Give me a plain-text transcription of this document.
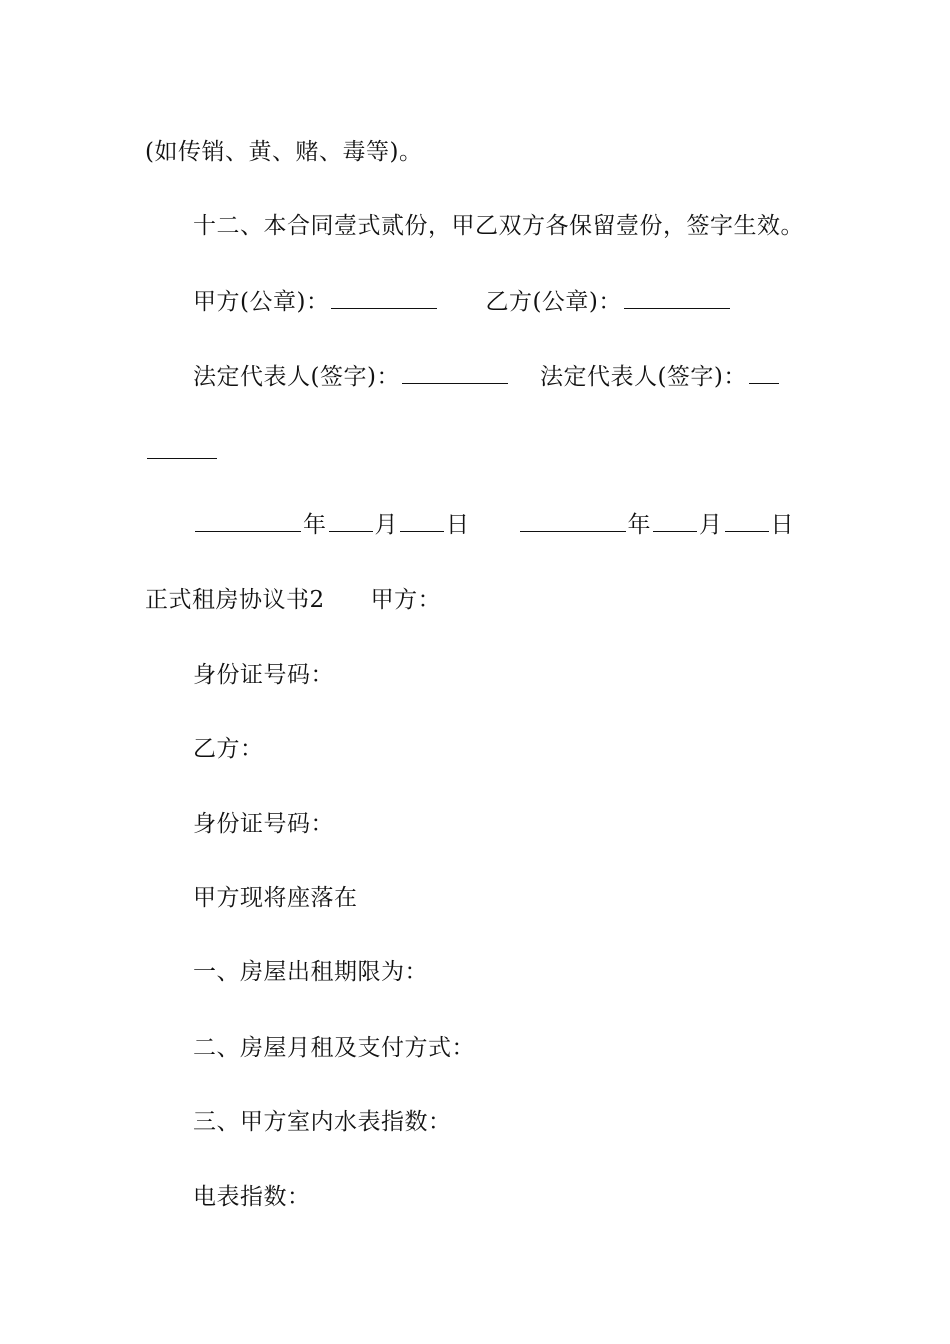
(如传销、黄、赌、毒等)。
十二、本合同壹式贰份，甲乙双方各保留壹份，签字生效。
甲方(公章)：	乙方(公章)：
法定代表人(签字)：	法定代表人(签字)：
年 月 日	年 月 日
正式租房协议书2 甲方：
身份证号码：
乙方：
身份证号码：
甲方现将座落在
一、房屋出租期限为：
二、房屋月租及支付方式：
三、甲方室内水表指数：
电表指数：
